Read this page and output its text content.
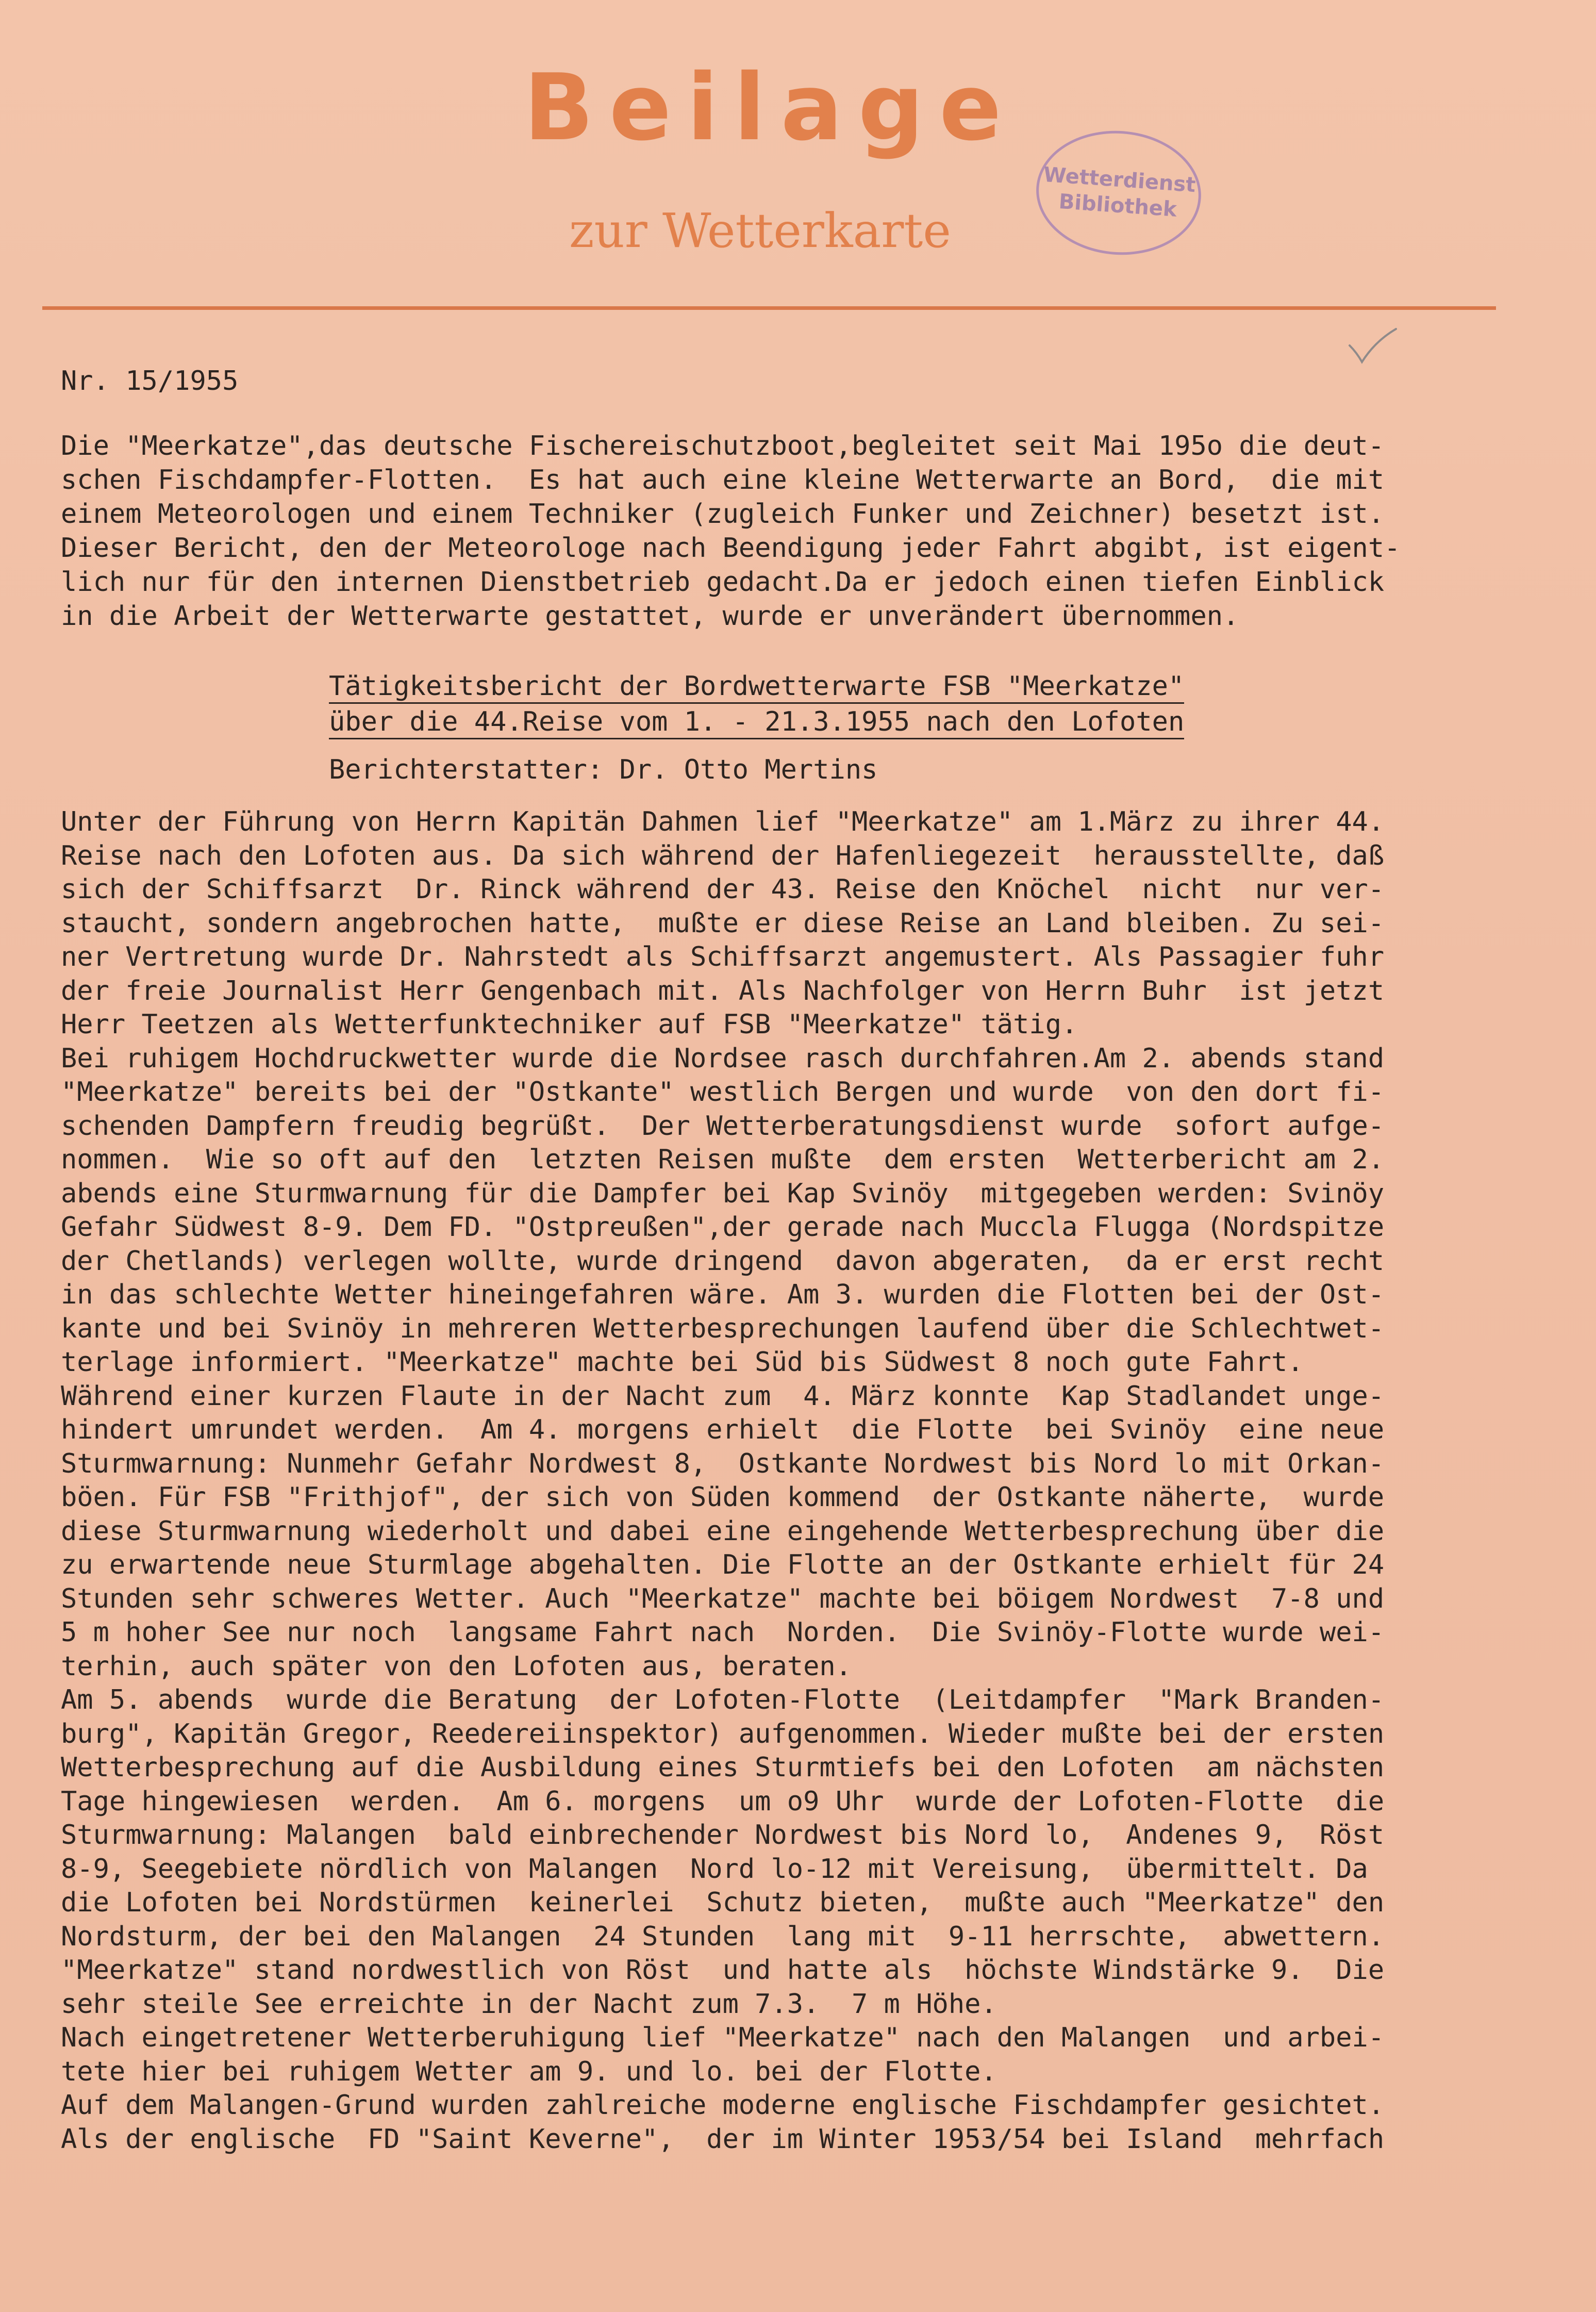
Beilage

zur Wetterkarte

Wetterdienst
Bibliothek

Nr. 15/1955

Die "Meerkatze",das deutsche Fischereischutzboot,begleitet seit Mai 195o die deut-
schen Fischdampfer-Flotten.  Es hat auch eine kleine Wetterwarte an Bord,  die mit
einem Meteorologen und einem Techniker (zugleich Funker und Zeichner) besetzt ist.
Dieser Bericht, den der Meteorologe nach Beendigung jeder Fahrt abgibt, ist eigent-
lich nur für den internen Dienstbetrieb gedacht.Da er jedoch einen tiefen Einblick
in die Arbeit der Wetterwarte gestattet, wurde er unverändert übernommen.

Tätigkeitsbericht der Bordwetterwarte FSB "Meerkatze"
über die 44.Reise vom 1. - 21.3.1955 nach den Lofoten

Berichterstatter: Dr. Otto Mertins

Unter der Führung von Herrn Kapitän Dahmen lief "Meerkatze" am 1.März zu ihrer 44.
Reise nach den Lofoten aus. Da sich während der Hafenliegezeit  herausstellte, daß
sich der Schiffsarzt  Dr. Rinck während der 43. Reise den Knöchel  nicht  nur ver-
staucht, sondern angebrochen hatte,  mußte er diese Reise an Land bleiben. Zu sei-
ner Vertretung wurde Dr. Nahrstedt als Schiffsarzt angemustert. Als Passagier fuhr
der freie Journalist Herr Gengenbach mit. Als Nachfolger von Herrn Buhr  ist jetzt
Herr Teetzen als Wetterfunktechniker auf FSB "Meerkatze" tätig.
Bei ruhigem Hochdruckwetter wurde die Nordsee rasch durchfahren.Am 2. abends stand
"Meerkatze" bereits bei der "Ostkante" westlich Bergen und wurde  von den dort fi-
schenden Dampfern freudig begrüßt.  Der Wetterberatungsdienst wurde  sofort aufge-
nommen.  Wie so oft auf den  letzten Reisen mußte  dem ersten  Wetterbericht am 2.
abends eine Sturmwarnung für die Dampfer bei Kap Svinöy  mitgegeben werden: Svinöy
Gefahr Südwest 8-9. Dem FD. "Ostpreußen",der gerade nach Muccla Flugga (Nordspitze
der Chetlands) verlegen wollte, wurde dringend  davon abgeraten,  da er erst recht
in das schlechte Wetter hineingefahren wäre. Am 3. wurden die Flotten bei der Ost-
kante und bei Svinöy in mehreren Wetterbesprechungen laufend über die Schlechtwet-
terlage informiert. "Meerkatze" machte bei Süd bis Südwest 8 noch gute Fahrt.
Während einer kurzen Flaute in der Nacht zum  4. März konnte  Kap Stadlandet unge-
hindert umrundet werden.  Am 4. morgens erhielt  die Flotte  bei Svinöy  eine neue
Sturmwarnung: Nunmehr Gefahr Nordwest 8,  Ostkante Nordwest bis Nord lo mit Orkan-
böen. Für FSB "Frithjof", der sich von Süden kommend  der Ostkante näherte,  wurde
diese Sturmwarnung wiederholt und dabei eine eingehende Wetterbesprechung über die
zu erwartende neue Sturmlage abgehalten. Die Flotte an der Ostkante erhielt für 24
Stunden sehr schweres Wetter. Auch "Meerkatze" machte bei böigem Nordwest  7-8 und
5 m hoher See nur noch  langsame Fahrt nach  Norden.  Die Svinöy-Flotte wurde wei-
terhin, auch später von den Lofoten aus, beraten.
Am 5. abends  wurde die Beratung  der Lofoten-Flotte  (Leitdampfer  "Mark Branden-
burg", Kapitän Gregor, Reedereiinspektor) aufgenommen. Wieder mußte bei der ersten
Wetterbesprechung auf die Ausbildung eines Sturmtiefs bei den Lofoten  am nächsten
Tage hingewiesen  werden.  Am 6. morgens  um o9 Uhr  wurde der Lofoten-Flotte  die
Sturmwarnung: Malangen  bald einbrechender Nordwest bis Nord lo,  Andenes 9,  Röst
8-9, Seegebiete nördlich von Malangen  Nord lo-12 mit Vereisung,  übermittelt. Da
die Lofoten bei Nordstürmen  keinerlei  Schutz bieten,  mußte auch "Meerkatze" den
Nordsturm, der bei den Malangen  24 Stunden  lang mit  9-11 herrschte,  abwettern.
"Meerkatze" stand nordwestlich von Röst  und hatte als  höchste Windstärke 9.  Die
sehr steile See erreichte in der Nacht zum 7.3.  7 m Höhe.
Nach eingetretener Wetterberuhigung lief "Meerkatze" nach den Malangen  und arbei-
tete hier bei ruhigem Wetter am 9. und lo. bei der Flotte.
Auf dem Malangen-Grund wurden zahlreiche moderne englische Fischdampfer gesichtet.
Als der englische  FD "Saint Keverne",  der im Winter 1953/54 bei Island  mehrfach
